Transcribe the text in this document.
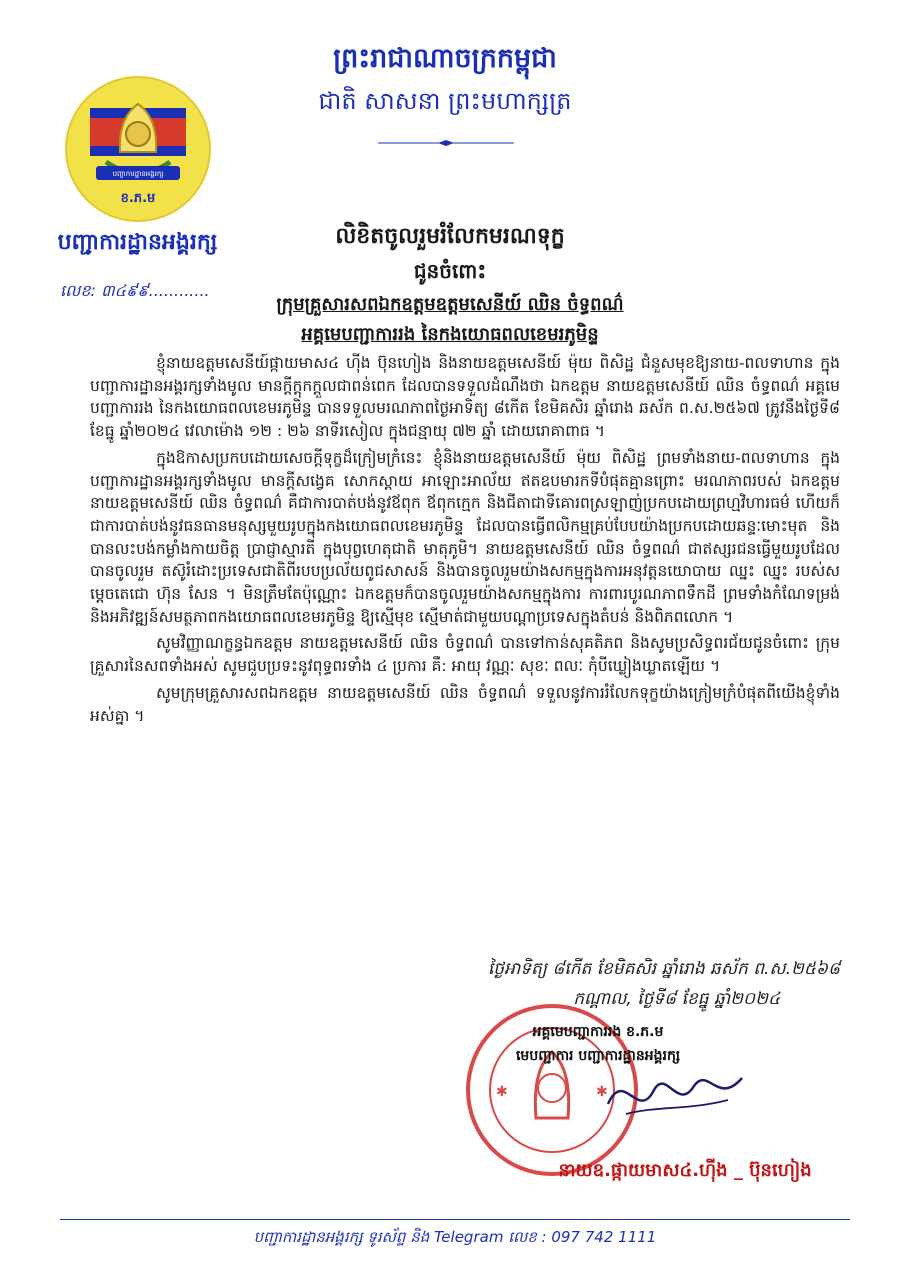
ព្រះរាជាណាចក្រកម្ពុជា
ជាតិ សាសនា ព្រះមហាក្សត្រ
បញ្ជាការដ្ឋានអង្គរក្ស
ខ.ភ.ម
បញ្ជាការដ្ឋានអង្គរក្ស
លេខ: ៣៤៩៩............
លិខិតចូលរួមរំលែកមរណទុក្ខ
ជូនចំពោះ
ក្រុមគ្រួសារសពឯកឧត្តមឧត្តមសេនីយ៍ ឈិន ចំទ្ធពណ៌
អគ្គមេបញ្ជាការរង នៃកងយោធពលខេមរភូមិន្ទ

ខ្ញុំនាយឧត្តមសេនីយ៍ផ្កាយមាស៤ ហ៊ីង ប៊ុនហៀង និងនាយឧត្តមសេនីយ៍ ម៉ុយ ពិសិដ្ឋ ជំនួសមុខឱ្យនាយ-ពលទាហាន ក្នុងបញ្ជាការដ្ឋានអង្គរក្សទាំងមូល មានក្តីក្តុកក្តួលជាពន់ពេក ដែលបានទទួលដំណឹងថា ឯកឧត្តម នាយឧត្តមសេនីយ៍ ឈិន ចំទ្ធពណ៌ អគ្គមេបញ្ជាការរង នៃកងយោធពលខេមរភូមិន្ទ បានទទួលមរណភាពថ្ងៃអាទិត្យ ៨កើត ខែមិគសិរ ឆ្នាំរោង ឆស័ក ព.ស.២៥៦៧ ត្រូវនឹងថ្ងៃទី៨ ខែធ្នូ ឆ្នាំ២០២៤ វេលាម៉ោង ១២ : ២៦ នាទីរសៀល ក្នុងជន្មាយុ ៧២ ឆ្នាំ ដោយរោគាពាធ ។

ក្នុងឱកាសប្រកបដោយសេចក្តីទុក្ខដ៏ក្រៀមក្រំនេះ ខ្ញុំនិងនាយឧត្តមសេនីយ៍ ម៉ុយ ពិសិដ្ឋ ព្រមទាំងនាយ-ពលទាហាន ក្នុងបញ្ជាការដ្ឋានអង្គរក្សទាំងមូល មានក្តីសង្វេគ សោកស្តាយ អាឡោះអាល័យ ឥតឧបមារកទីបំផុតគ្មានព្រោះ មរណភាពរបស់ ឯកឧត្តម នាយឧត្តមសេនីយ៍ ឈិន ចំទ្ធពណ៌ គឺជាការបាត់បង់នូវឪពុក ឪពុកក្មេក និងជីតាជាទីគោរពស្រឡាញ់ប្រកបដោយព្រហ្មវិហារធម៌ ហើយក៏ជាការបាត់បង់នូវធនធានមនុស្សមួយរូបក្នុងកងយោធពលខេមរភូមិន្ទ ដែលបានធ្វើពលិកម្មគ្រប់បែបយ៉ាងប្រកបដោយឆន្ទៈមោះមុត និងបានលះបង់កម្លាំងកាយចិត្ត ប្រាជ្ញាស្មារតី ក្នុងបុព្វហេតុជាតិ មាតុភូមិ។ នាយឧត្តមសេនីយ៍ ឈិន ចំទ្ធពណ៌ ជាឥស្សរជនធ្វើមួយរូបដែលបានចូលរួម តស៊ូរំដោះប្រទេសជាតិពីរបបប្រល័យពូជសាសន៍ និងបានចូលរួមយ៉ាងសកម្មក្នុងការអនុវត្តនយោបាយ ឈ្នះ ឈ្នះ របស់សម្តេចតេជោ ហ៊ុន សែន ។ មិនត្រឹមតែប៉ុណ្ណោះ ឯកឧត្តមក៏បានចូលរួមយ៉ាងសកម្មក្នុងការ ការពារបូរណភាពទឹកដី ព្រមទាំងកំណែទម្រង់និងអភិវឌ្ឍន៍សមត្ថភាពកងយោធពលខេមរភូមិន្ទ ឱ្យស្មើមុខ ស្មើមាត់ជាមួយបណ្តាប្រទេសក្នុងតំបន់ និងពិភពលោក ។

សូមវិញ្ញាណក្ខន្ធឯកឧត្តម នាយឧត្តមសេនីយ៍ ឈិន ចំទ្ធពណ៌ បានទៅកាន់សុគតិភព និងសូមប្រសិទ្ធពរជ័យជូនចំពោះ ក្រុមគ្រួសារនៃសពទាំងអស់ សូមជួបប្រទះនូវពុទ្ធពរទាំង ៤ ប្រការ គឺ: អាយុ វណ្ណៈ សុខៈ ពលៈ កុំបីឃ្លៀងឃ្លាតឡើយ ។

សូមក្រុមគ្រួសារសពឯកឧត្តម នាយឧត្តមសេនីយ៍ ឈិន ចំទ្ធពណ៌ ទទួលនូវការរំលែកទុក្ខយ៉ាងក្រៀមក្រំបំផុតពីយើងខ្ញុំទាំងអស់គ្នា ។

ថ្ងៃអាទិត្យ ៨កើត ខែមិគសិរ ឆ្នាំរោង ឆស័ក ព.ស.២៥៦៨
កណ្តាល, ថ្ងៃទី៨ ខែធ្នូ ឆ្នាំ២០២៤
✱	✱
អគ្គមេបញ្ជាការរង ខ.ភ.ម
មេបញ្ជាការ បញ្ជាការដ្ឋានអង្គរក្ស
នាយឧ.ផ្កាយមាស៤.ហ៊ីង _ ប៊ុនហៀង
បញ្ជាការដ្ឋានអង្គរក្ស ទូរស័ព្ទ និង Telegram លេខ : 097 742 1111
